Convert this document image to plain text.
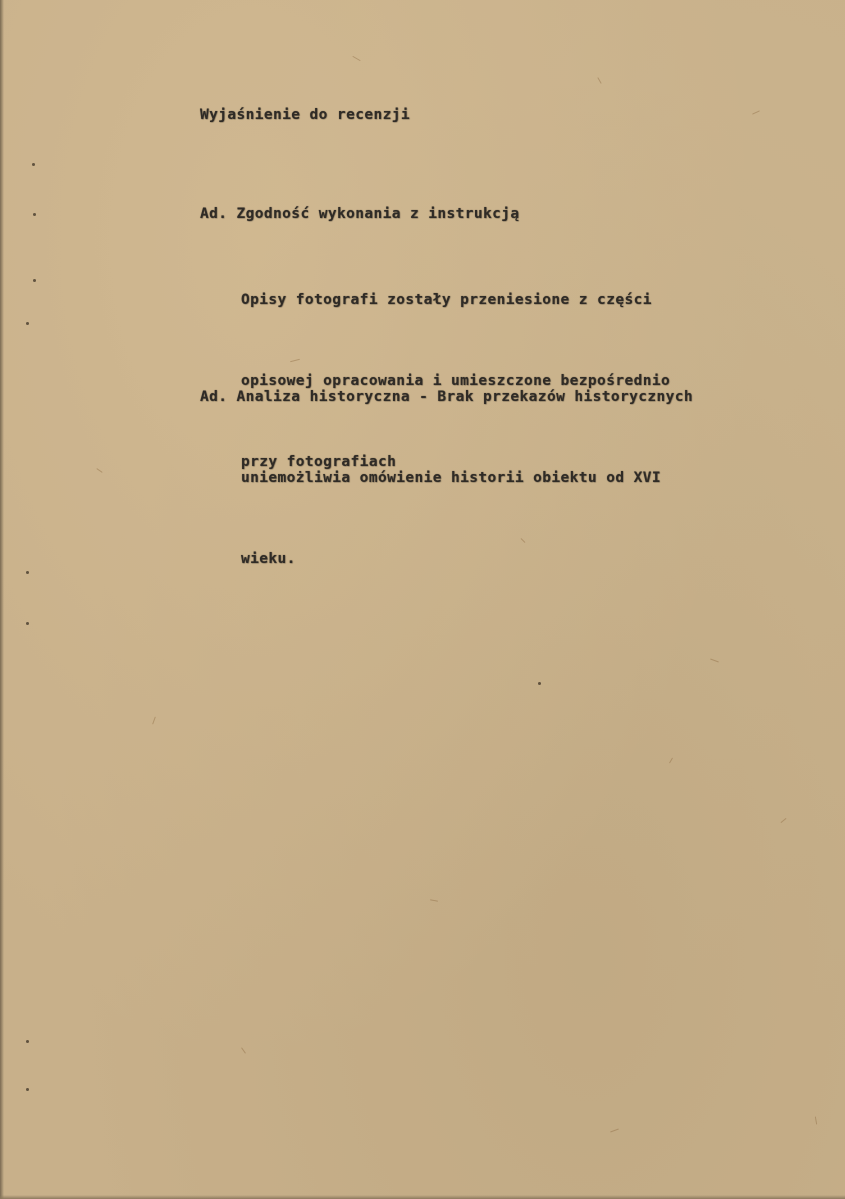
Wyjaśnienie do recenzji
Ad. Zgodność wykonania z instrukcją

Opisy fotografi zostały przeniesione z części

opisowej opracowania i umieszczone bezpośrednio

przy fotografiach

Ad. Analiza historyczna - Brak przekazów historycznych

uniemożliwia omówienie historii obiektu od XVI

wieku.
